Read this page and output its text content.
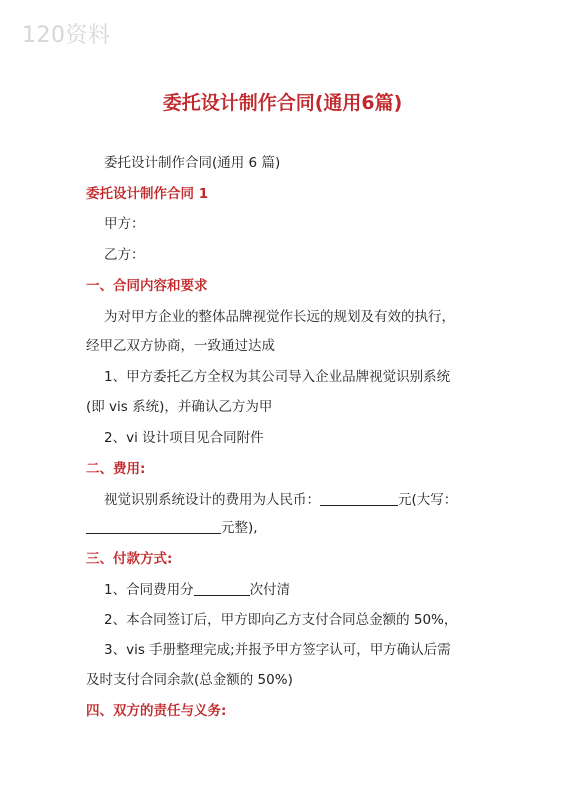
120资料
委托设计制作合同(通用6篇)
委托设计制作合同(通用 6 篇)
委托设计制作合同 1
甲方：
乙方：
一、合同内容和要求
为对甲方企业的整体品牌视觉作长远的规划及有效的执行，
经甲乙双方协商，一致通过达成
1、甲方委托乙方全权为其公司导入企业品牌视觉识别系统
(即 vis 系统)，并确认乙方为甲
2、vi 设计项目见合同附件
二、费用:
视觉识别系统设计的费用为人民币：	元(大写：
元整),
三、付款方式:
1、合同费用分	次付清
2、本合同签订后，甲方即向乙方支付合同总金额的 50%，
3、vis 手册整理完成;并报予甲方签字认可，甲方确认后需
及时支付合同余款(总金额的 50%)
四、双方的责任与义务:
